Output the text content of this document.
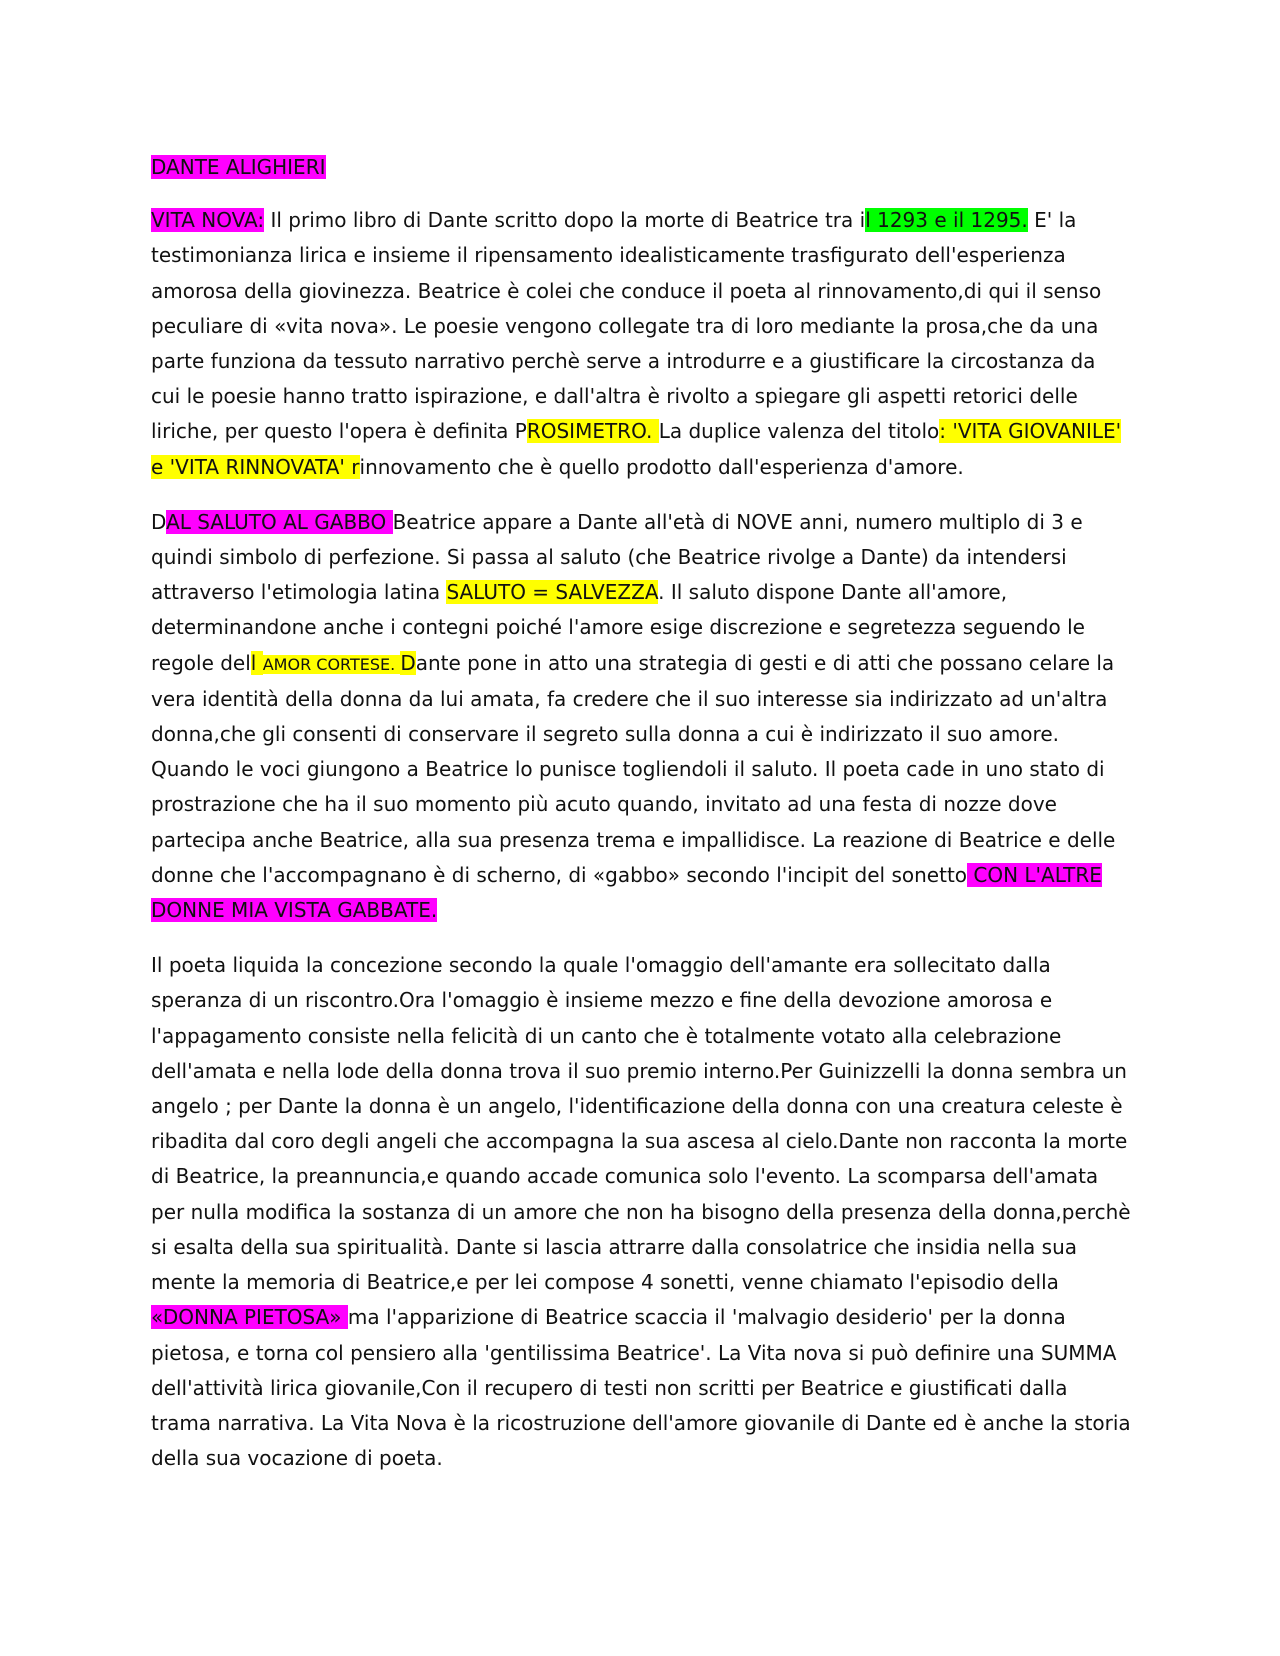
DANTE ALIGHIERI

VITA NOVA: Il primo libro di Dante scritto dopo la morte di Beatrice tra il 1293 e il 1295. E' la testimonianza lirica e insieme il ripensamento idealisticamente trasfigurato dell'esperienza amorosa della giovinezza. Beatrice è colei che conduce il poeta al rinnovamento,di qui il senso peculiare di «vita nova». Le poesie vengono collegate tra di loro mediante la prosa,che da una parte funziona da tessuto narrativo perchè serve a introdurre e a giustificare la circostanza da cui le poesie hanno tratto ispirazione, e dall'altra è rivolto a spiegare gli aspetti retorici delle liriche, per questo l'opera è definita PROSIMETRO. La duplice valenza del titolo: 'VITA GIOVANILE' e 'VITA RINNOVATA' rinnovamento che è quello prodotto dall'esperienza d'amore.

DAL SALUTO AL GABBO Beatrice appare a Dante all'età di NOVE anni, numero multiplo di 3 e quindi simbolo di perfezione. Si passa al saluto (che Beatrice rivolge a Dante) da intendersi attraverso l'etimologia latina SALUTO = SALVEZZA. Il saluto dispone Dante all'amore, determinandone anche i contegni poiché l'amore esige discrezione e segretezza seguendo le regole dell AMOR CORTESE. Dante pone in atto una strategia di gesti e di atti che possano celare la vera identità della donna da lui amata, fa credere che il suo interesse sia indirizzato ad un'altra donna,che gli consenti di conservare il segreto sulla donna a cui è indirizzato il suo amore. Quando le voci giungono a Beatrice lo punisce togliendoli il saluto. Il poeta cade in uno stato di prostrazione che ha il suo momento più acuto quando, invitato ad una festa di nozze dove partecipa anche Beatrice, alla sua presenza trema e impallidisce. La reazione di Beatrice e delle donne che l'accompagnano è di scherno, di «gabbo» secondo l'incipit del sonetto CON L'ALTRE DONNE MIA VISTA GABBATE.

Il poeta liquida la concezione secondo la quale l'omaggio dell'amante era sollecitato dalla speranza di un riscontro.Ora l'omaggio è insieme mezzo e fine della devozione amorosa e l'appagamento consiste nella felicità di un canto che è totalmente votato alla celebrazione dell'amata e nella lode della donna trova il suo premio interno.Per Guinizzelli la donna sembra un angelo ; per Dante la donna è un angelo, l'identificazione della donna con una creatura celeste è ribadita dal coro degli angeli che accompagna la sua ascesa al cielo.Dante non racconta la morte di Beatrice, la preannuncia,e quando accade comunica solo l'evento. La scomparsa dell'amata per nulla modifica la sostanza di un amore che non ha bisogno della presenza della donna,perchè si esalta della sua spiritualità. Dante si lascia attrarre dalla consolatrice che insidia nella sua mente la memoria di Beatrice,e per lei compose 4 sonetti, venne chiamato l'episodio della «DONNA PIETOSA» ma l'apparizione di Beatrice scaccia il 'malvagio desiderio' per la donna pietosa, e torna col pensiero alla 'gentilissima Beatrice'. La Vita nova si può definire una SUMMA dell'attività lirica giovanile,Con il recupero di testi non scritti per Beatrice e giustificati dalla trama narrativa. La Vita Nova è la ricostruzione dell'amore giovanile di Dante ed è anche la storia della sua vocazione di poeta.
